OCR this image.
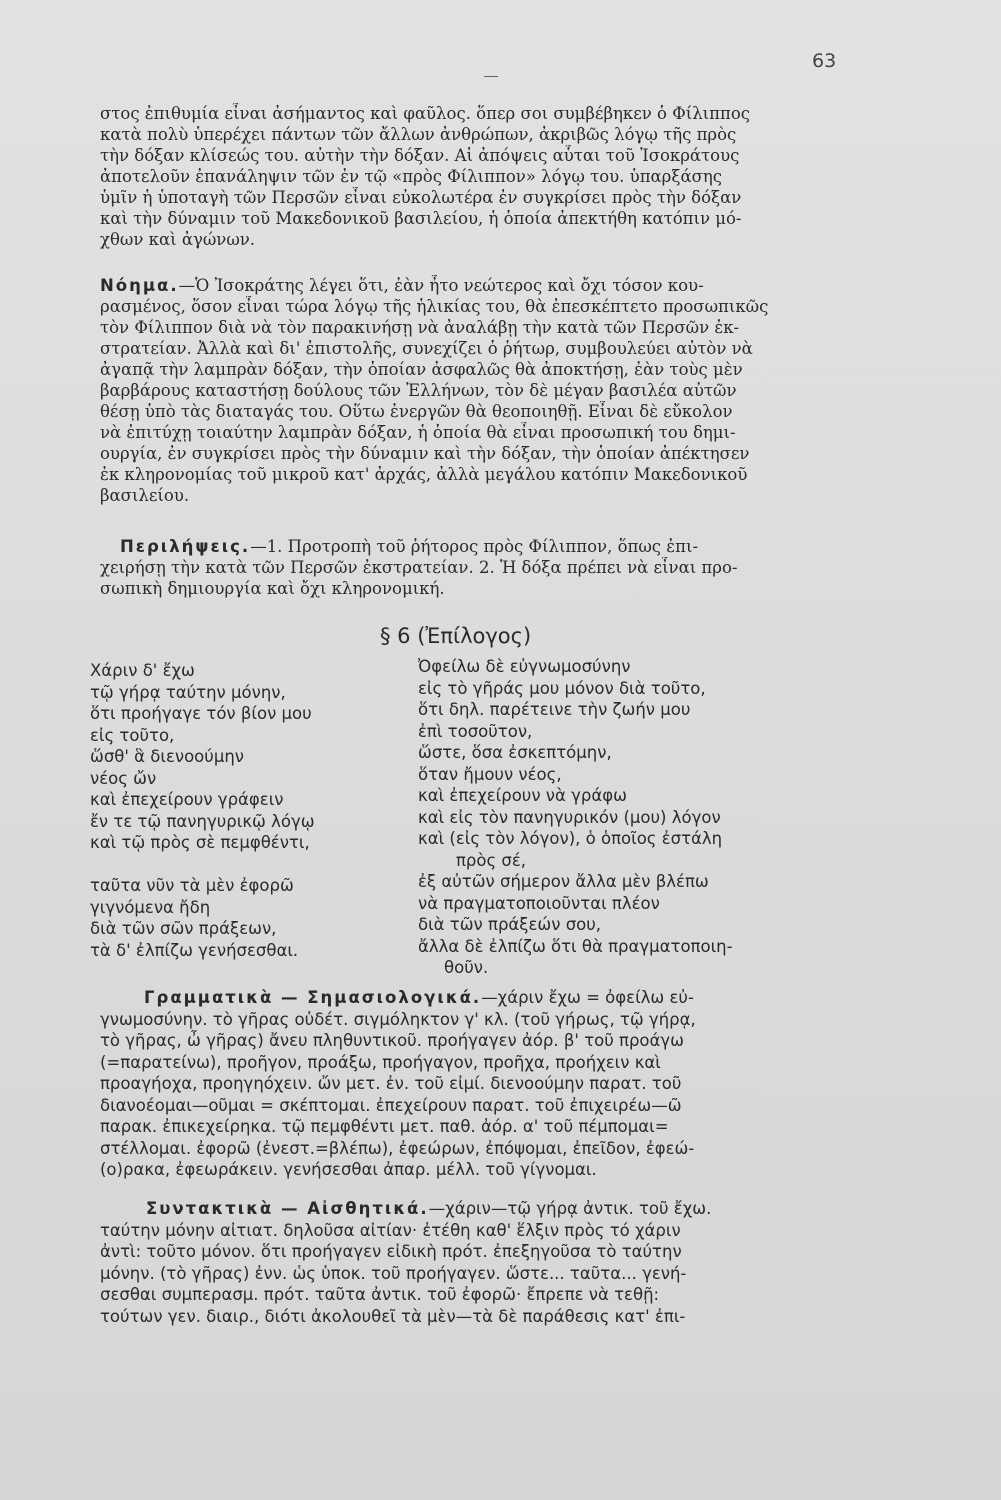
63
στος ἐπιθυμία εἶναι ἀσήμαντος καὶ φαῦλος. ὅπερ σοι συμβέβηκεν ὁ Φίλιππος
κατὰ πολὺ ὑπερέχει πάντων τῶν ἄλλων ἀνθρώπων, ἀκριβῶς λόγῳ τῆς πρὸς
τὴν δόξαν κλίσεώς του. αὐτὴν τὴν δόξαν. Αἱ ἀπόψεις αὗται τοῦ Ἰσοκράτους
ἀποτελοῦν ἐπανάληψιν τῶν ἐν τῷ «πρὸς Φίλιππον» λόγῳ του. ὑπαρξάσης
ὑμῖν ἡ ὑποταγὴ τῶν Περσῶν εἶναι εὐκολωτέρα ἐν συγκρίσει πρὸς τὴν δόξαν
καὶ τὴν δύναμιν τοῦ Μακεδονικοῦ βασιλείου, ἡ ὁποία ἀπεκτήθη κατόπιν μό-
χθων καὶ ἀγώνων.
Νόημα.—Ὁ Ἰσοκράτης λέγει ὅτι, ἐὰν ἦτο νεώτερος καὶ ὄχι τόσον κου-
ρασμένος, ὅσον εἶναι τώρα λόγῳ τῆς ἡλικίας του, θὰ ἐπεσκέπτετο προσωπικῶς
τὸν Φίλιππον διὰ νὰ τὸν παρακινήσῃ νὰ ἀναλάβῃ τὴν κατὰ τῶν Περσῶν ἐκ-
στρατείαν. Ἀλλὰ καὶ δι' ἐπιστολῆς, συνεχίζει ὁ ῥήτωρ, συμβουλεύει αὐτὸν νὰ
ἀγαπᾷ τὴν λαμπρὰν δόξαν, τὴν ὁποίαν ἀσφαλῶς θὰ ἀποκτήσῃ, ἐὰν τοὺς μὲν
βαρβάρους καταστήσῃ δούλους τῶν Ἑλλήνων, τὸν δὲ μέγαν βασιλέα αὐτῶν
θέσῃ ὑπὸ τὰς διαταγάς του. Οὕτω ἐνεργῶν θὰ θεοποιηθῇ. Εἶναι δὲ εὔκολον
νὰ ἐπιτύχῃ τοιαύτην λαμπρὰν δόξαν, ἡ ὁποία θὰ εἶναι προσωπική του δημι-
ουργία, ἐν συγκρίσει πρὸς τὴν δύναμιν καὶ τὴν δόξαν, τὴν ὁποίαν ἀπέκτησεν
ἐκ κληρονομίας τοῦ μικροῦ κατ' ἀρχάς, ἀλλὰ μεγάλου κατόπιν Μακεδονικοῦ
βασιλείου.
Περιλήψεις.—1. Προτροπὴ τοῦ ῥήτορος πρὸς Φίλιππον, ὅπως ἐπι-
χειρήσῃ τὴν κατὰ τῶν Περσῶν ἐκστρατείαν. 2. Ἡ δόξα πρέπει νὰ εἶναι προ-
σωπικὴ δημιουργία καὶ ὄχι κληρονομική.
§ 6 (Ἐπίλογος)
Χάριν δ' ἔχω
τῷ γήρᾳ ταύτην μόνην,
ὅτι προήγαγε τόν βίον μου
εἰς τοῦτο,
ὥσθ' ἃ διενοούμην
νέος ὤν
καὶ ἐπεχείρουν γράφειν
ἔν τε τῷ πανηγυρικῷ λόγῳ
καὶ τῷ πρὸς σὲ πεμφθέντι,
ταῦτα νῦν τὰ μὲν ἐφορῶ
γιγνόμενα ἤδη
διὰ τῶν σῶν πράξεων,
τὰ δ' ἐλπίζω γενήσεσθαι.
Ὀφείλω δὲ εὐγνωμοσύνην
εἰς τὸ γῆράς μου μόνον διὰ τοῦτο,
ὅτι δηλ. παρέτεινε τὴν ζωήν μου
ἐπὶ τοσοῦτον,
ὥστε, ὅσα ἐσκεπτόμην,
ὅταν ἤμουν νέος,
καὶ ἐπεχείρουν νὰ γράφω
καὶ εἰς τὸν πανηγυρικόν (μου) λόγον
καὶ (εἰς τὸν λόγον), ὁ ὁποῖος ἐστάλη
πρὸς σέ,
ἐξ αὐτῶν σήμερον ἄλλα μὲν βλέπω
νὰ πραγματοποιοῦνται πλέον
διὰ τῶν πράξεών σου,
ἄλλα δὲ ἐλπίζω ὅτι θὰ πραγματοποιη-
θοῦν.
Γραμματικὰ — Σημασιολογικά.—χάριν ἔχω = ὀφείλω εὐ-
γνωμοσύνην. τὸ γῆρας οὐδέτ. σιγμόληκτον γ' κλ. (τοῦ γήρως, τῷ γήρᾳ,
τὸ γῆρας, ὦ γῆρας) ἄνευ πληθυντικοῦ. προήγαγεν ἀόρ. β' τοῦ προάγω
(=παρατείνω), προῆγον, προάξω, προήγαγον, προῆχα, προήχειν καὶ
προαγήοχα, προηγηόχειν. ὤν μετ. ἐν. τοῦ εἰμί. διενοούμην παρατ. τοῦ
διανοέομαι—οῦμαι = σκέπτομαι. ἐπεχείρουν παρατ. τοῦ ἐπιχειρέω—ῶ
παρακ. ἐπικεχείρηκα. τῷ πεμφθέντι μετ. παθ. ἀόρ. α' τοῦ πέμπομαι=
στέλλομαι. ἐφορῶ (ἐνεστ.=βλέπω), ἐφεώρων, ἐπόψομαι, ἐπεῖδον, ἐφεώ-
(ο)ρακα, ἐφεωράκειν. γενήσεσθαι ἀπαρ. μέλλ. τοῦ γίγνομαι.
Συντακτικὰ — Αἰσθητικά.—χάριν—τῷ γήρᾳ ἀντικ. τοῦ ἔχω.
ταύτην μόνην αἰτιατ. δηλοῦσα αἰτίαν· ἐτέθη καθ' ἕλξιν πρὸς τό χάριν
ἀντὶ: τοῦτο μόνον. ὅτι προήγαγεν εἰδικὴ πρότ. ἐπεξηγοῦσα τὸ ταύτην
μόνην. (τὸ γῆρας) ἐνν. ὡς ὑποκ. τοῦ προήγαγεν. ὥστε... ταῦτα... γενή-
σεσθαι συμπερασμ. πρότ. ταῦτα ἀντικ. τοῦ ἐφορῶ· ἔπρεπε νὰ τεθῇ:
τούτων γεν. διαιρ., διότι ἀκολουθεῖ τὰ μὲν—τὰ δὲ παράθεσις κατ' ἐπι-
